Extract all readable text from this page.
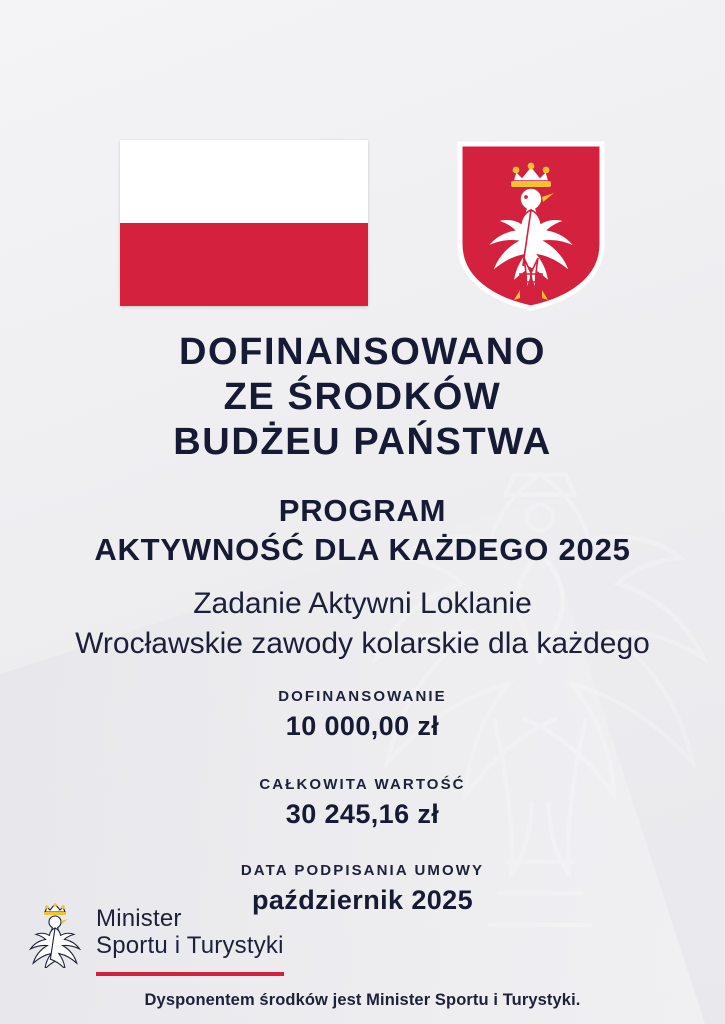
DOFINANSOWANO
ZE ŚRODKÓW
BUDŻEU PAŃSTWA
PROGRAM
AKTYWNOŚĆ DLA KAŻDEGO 2025
Zadanie Aktywni Loklanie
Wrocławskie zawody kolarskie dla każdego
DOFINANSOWANIE
10 000,00 zł
CAŁKOWITA WARTOŚĆ
30 245,16 zł
DATA PODPISANIA UMOWY
październik 2025
Minister
Sportu i Turystyki
Dysponentem środków jest Minister Sportu i Turystyki.
